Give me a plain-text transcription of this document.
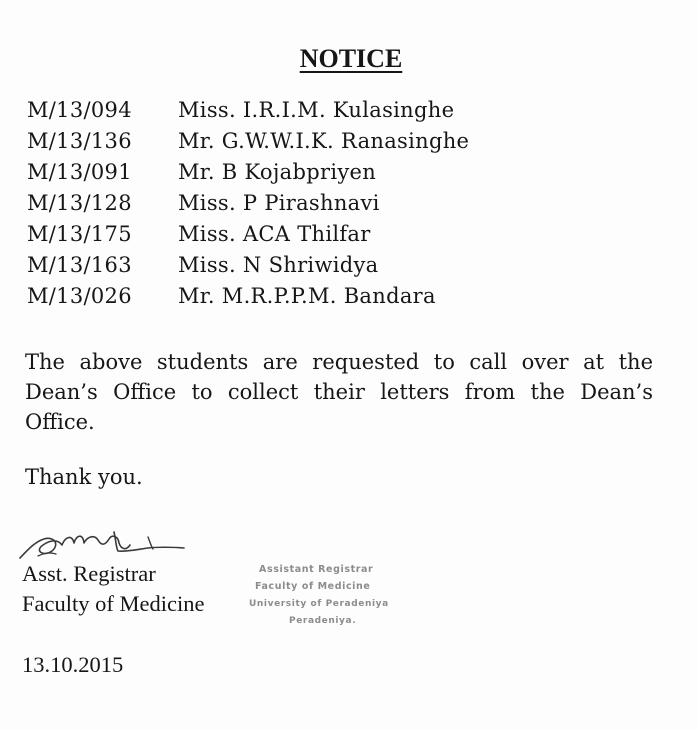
NOTICE
M/13/094 Miss. I.R.I.M. Kulasinghe
M/13/136 Mr. G.W.W.I.K. Ranasinghe
M/13/091 Mr. B Kojabpriyen
M/13/128 Miss. P Pirashnavi
M/13/175 Miss. ACA Thilfar
M/13/163 Miss. N Shriwidya
M/13/026 Mr. M.R.P.P.M. Bandara
The above students are requested to call over at the Dean’s Office to collect their letters from the Dean’s Office.
Thank you.
Asst. Registrar
Faculty of Medicine
Assistant Registrar
Faculty of Medicine
University of Peradeniya
Peradeniya.
13.10.2015
